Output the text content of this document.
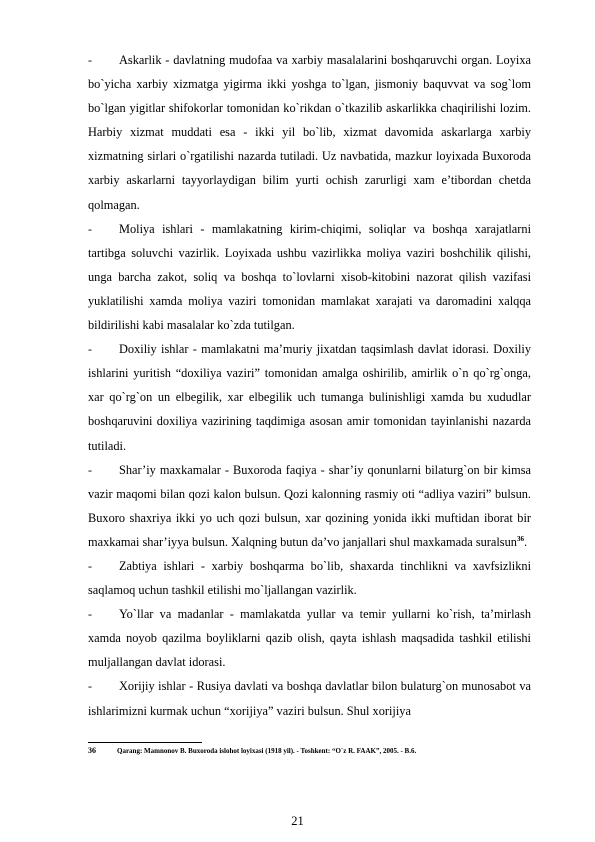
-	Askarlik - davlatning mudofaa va xarbiy masalalarini boshqaruvchi organ. Loyixa bo`yicha xarbiy xizmatga yigirma ikki yoshga to`lgan, jismoniy baquvvat va sog`lom bo`lgan yigitlar shifokorlar tomonidan ko`rikdan o`tkazilib askarlikka chaqirilishi lozim. Harbiy xizmat muddati esa - ikki yil bo`lib, xizmat davomida askarlarga xarbiy xizmatning sirlari o`rgatilishi nazarda tutiladi. Uz navbatida, mazkur loyixada Buxoroda xarbiy askarlarni tayyorlaydigan bilim yurti ochish zarurligi xam e’tibordan chetda qolmagan.

-	Moliya ishlari - mamlakatning kirim-chiqimi, soliqlar va boshqa xarajatlarni tartibga soluvchi vazirlik. Loyixada ushbu vazirlikka moliya vaziri boshchilik qilishi, unga barcha zakot, soliq va boshqa to`lovlarni xisob-kitobini nazorat qilish vazifasi yuklatilishi xamda moliya vaziri tomonidan mamlakat xarajati va daromadini xalqqa bildirilishi kabi masalalar ko`zda tutilgan.

-	Doxiliy ishlar - mamlakatni ma’muriy jixatdan taqsimlash davlat idorasi. Doxiliy ishlarini yuritish “doxiliya vaziri” tomonidan amalga oshirilib, amirlik o`n qo`rg`onga, xar qo`rg`on un elbegilik, xar elbegilik uch tumanga bulinishligi xamda bu xududlar boshqaruvini doxiliya vazirining taqdimiga asosan amir tomonidan tayinlanishi nazarda tutiladi.

-	Shar’iy maxkamalar - Buxoroda faqiya - shar’iy qonunlarni bilaturg`on bir kimsa vazir maqomi bilan qozi kalon bulsun. Qozi kalonning rasmiy oti “adliya vaziri” bulsun. Buxoro shaxriya ikki yo uch qozi bulsun, xar qozining yonida ikki muftidan iborat bir maxkamai shar’iyya bulsun. Xalqning butun da’vo janjallari shul maxkamada suralsun$^{36}$.

-	Zabtiya ishlari - xarbiy boshqarma bo`lib, shaxarda tinchlikni va xavfsizlikni saqlamoq uchun tashkil etilishi mo`ljallangan vazirlik.

-	Yo`llar va madanlar - mamlakatda yullar va temir yullarni ko`rish, ta’mirlash xamda noyob qazilma boyliklarni qazib olish, qayta ishlash maqsadida tashkil etilishi muljallangan davlat idorasi.

-	Xorijiy ishlar - Rusiya davlati va boshqa davlatlar bilon bulaturg`on munosabot va ishlarimizni kurmak uchun “xorijiya” vaziri bulsun. Shul xorijiya

36	Qarang: Mamnonov B. Buxoroda islohot loyixasi (1918 yil). - Toshkent: “O`z R. FAAK”, 2005. - B.6.
21
